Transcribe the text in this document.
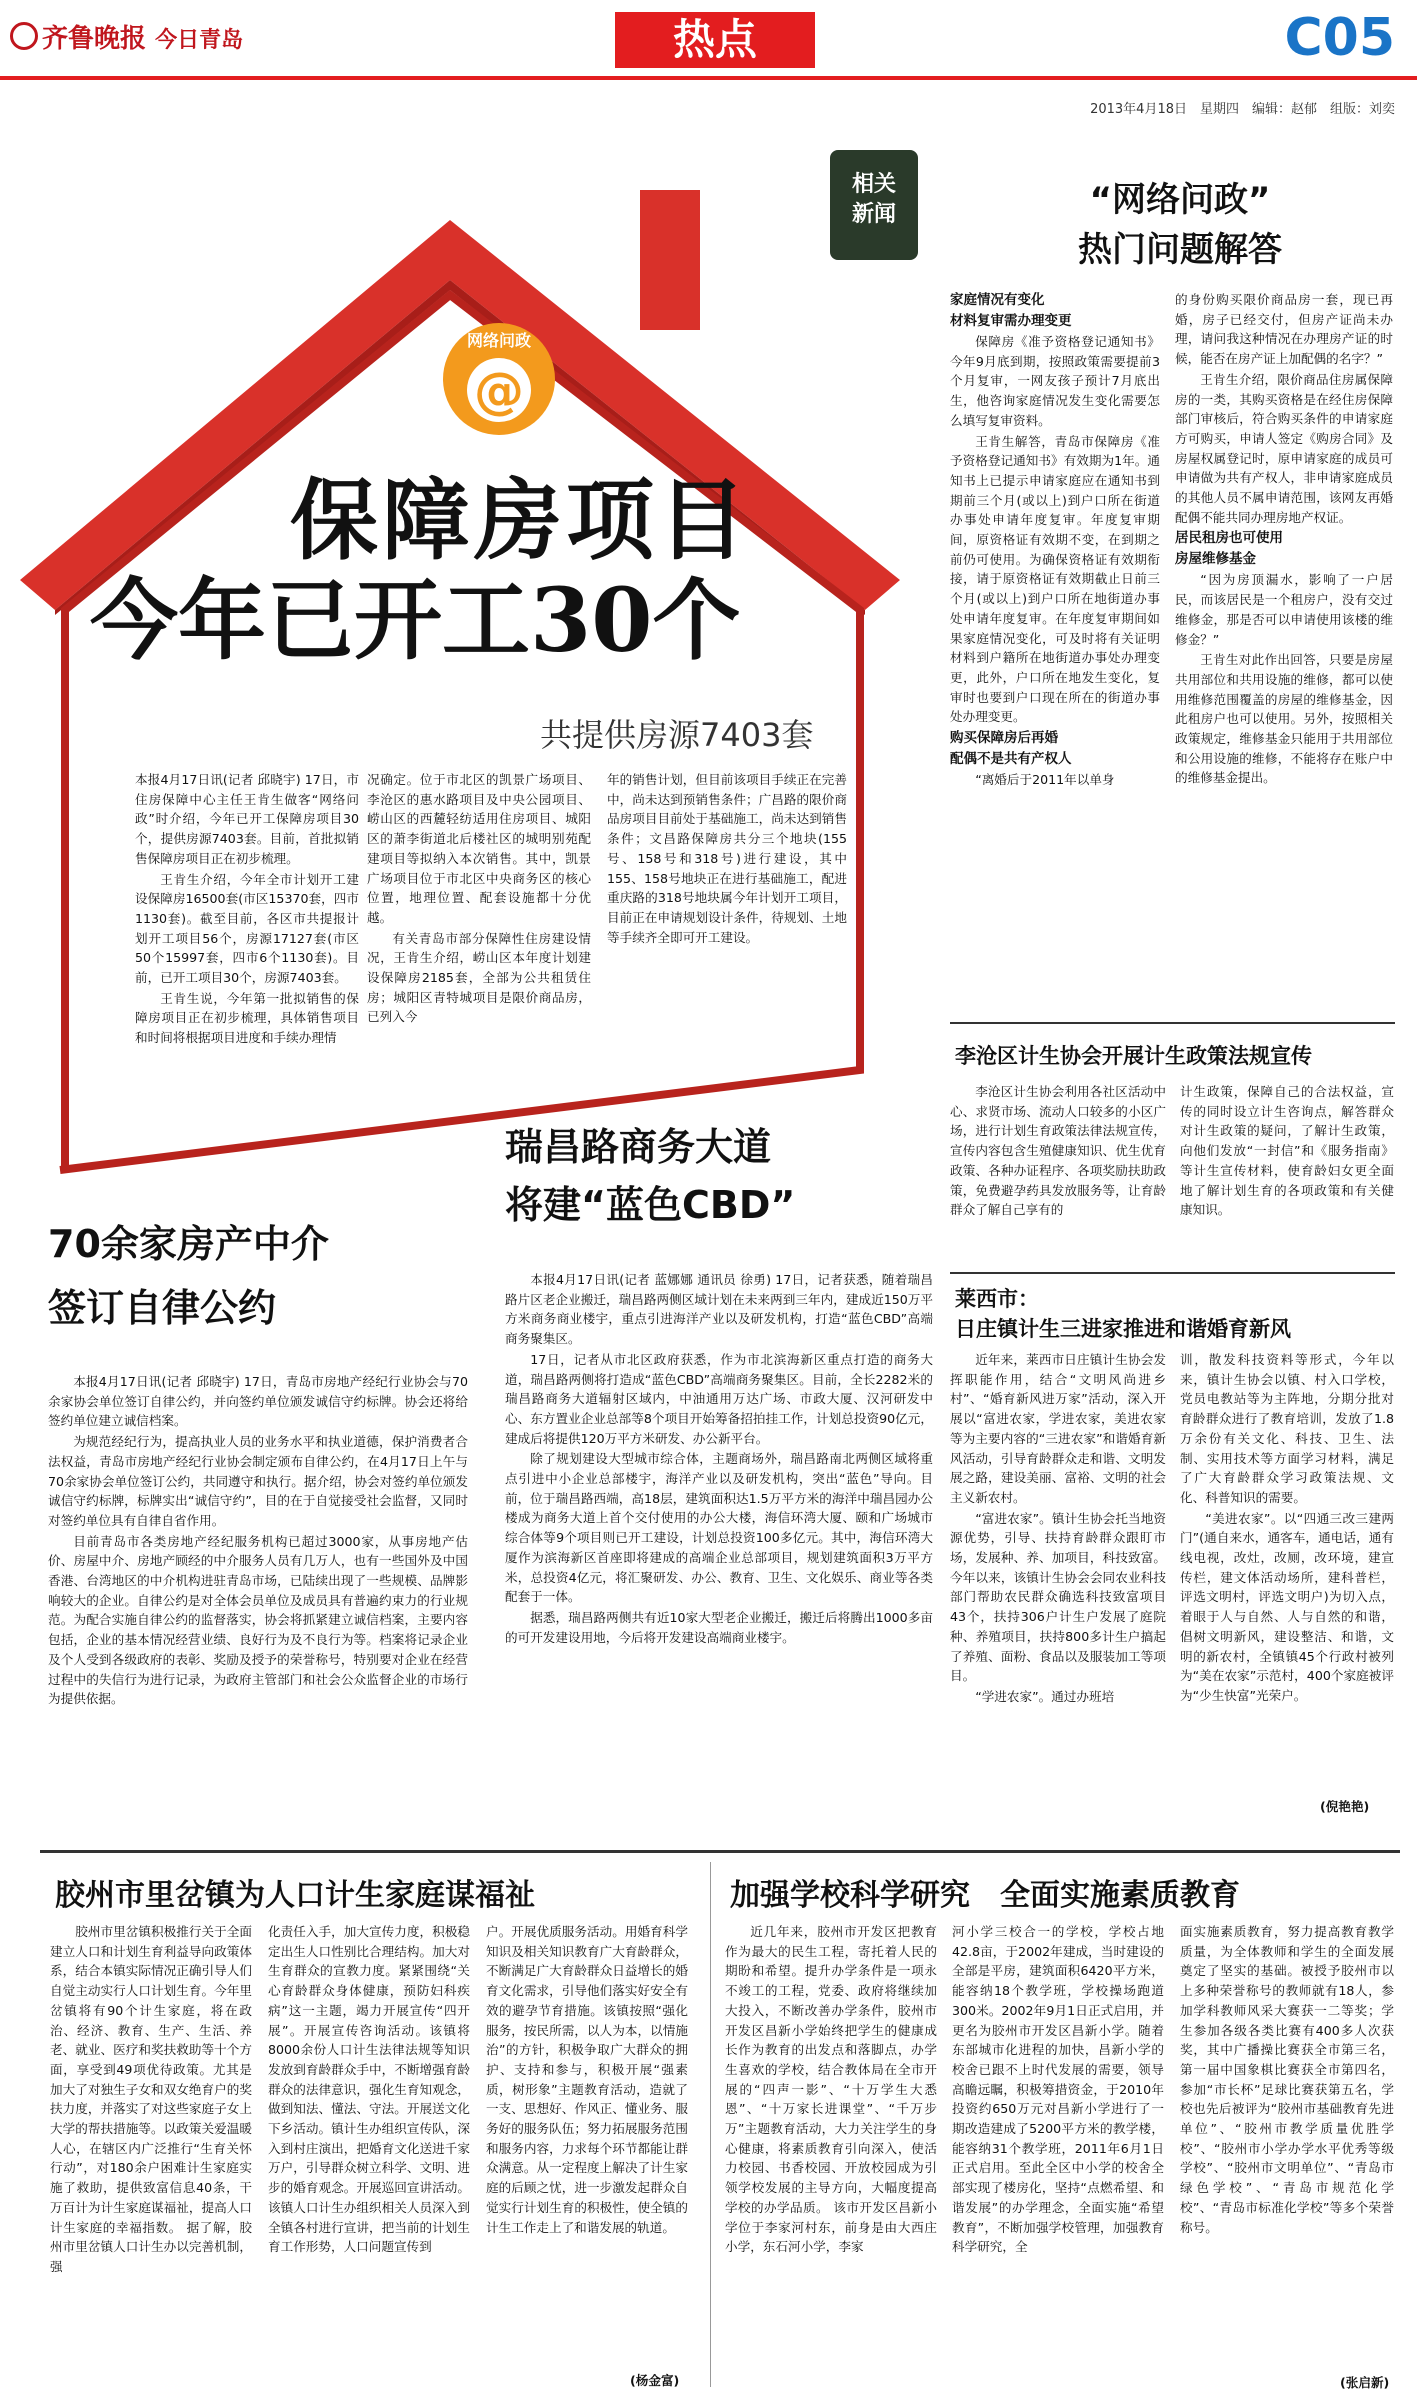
齐鲁晚报 今日青岛	热点	C05
2013年4月18日　星期四　编辑：赵郁　组版：刘奕
@
网络问政
保障房项目
今年已开工30个
共提供房源7403套

本报4月17日讯(记者 邱晓宇) 17日，市住房保障中心主任王肯生做客“网络问政”时介绍，今年已开工保障房项目30个，提供房源7403套。目前，首批拟销售保障房项目正在初步梳理。

王肯生介绍，今年全市计划开工建设保障房16500套(市区15370套，四市1130套)。截至目前，各区市共提报计划开工项目56个，房源17127套(市区50个15997套，四市6个1130套)。目前，已开工项目30个，房源7403套。

王肯生说，今年第一批拟销售的保障房项目正在初步梳理，具体销售项目和时间将根据项目进度和手续办理情

况确定。位于市北区的凯景广场项目、李沧区的惠水路项目及中央公园项目、崂山区的西麓轻纺适用住房项目、城阳区的萧李街道北后楼社区的城明别苑配建项目等拟纳入本次销售。其中，凯景广场项目位于市北区中央商务区的核心位置，地理位置、配套设施都十分优越。

有关青岛市部分保障性住房建设情况，王肯生介绍，崂山区本年度计划建设保障房2185套，全部为公共租赁住房；城阳区青特城项目是限价商品房，已列入今

年的销售计划，但目前该项目手续正在完善中，尚未达到预销售条件；广昌路的限价商品房项目目前处于基础施工，尚未达到销售条件；文昌路保障房共分三个地块(155号、158号和318号)进行建设，其中155、158号地块正在进行基础施工，配进重庆路的318号地块属今年计划开工项目，目前正在申请规划设计条件，待规划、土地等手续齐全即可开工建设。

相关
新闻	“网络问政”
热门问题解答

家庭情况有变化

材料复审需办理变更

保障房《准予资格登记通知书》今年9月底到期，按照政策需要提前3个月复审，一网友孩子预计7月底出生，他咨询家庭情况发生变化需要怎么填写复审资料。

王肯生解答，青岛市保障房《准予资格登记通知书》有效期为1年。通知书上已提示申请家庭应在通知书到期前三个月(或以上)到户口所在街道办事处申请年度复审。年度复审期间，原资格证有效期不变，在到期之前仍可使用。为确保资格证有效期衔接，请于原资格证有效期截止日前三个月(或以上)到户口所在地街道办事处申请年度复审。在年度复审期间如果家庭情况变化，可及时将有关证明材料到户籍所在地街道办事处办理变更，此外，户口所在地发生变化，复审时也要到户口现在所在的街道办事处办理变更。

购买保障房后再婚

配偶不是共有产权人

“离婚后于2011年以单身

的身份购买限价商品房一套，现已再婚，房子已经交付，但房产证尚未办理，请问我这种情况在办理房产证的时候，能否在房产证上加配偶的名字？”

王肯生介绍，限价商品住房属保障房的一类，其购买资格是在经住房保障部门审核后，符合购买条件的申请家庭方可购买，申请人签定《购房合同》及房屋权属登记时，原申请家庭的成员可申请做为共有产权人，非申请家庭成员的其他人员不属申请范围，该网友再婚配偶不能共同办理房地产权证。

居民租房也可使用

房屋维修基金

“因为房顶漏水，影响了一户居民，而该居民是一个租房户，没有交过维修金，那是否可以申请使用该楼的维修金？”

王肯生对此作出回答，只要是房屋共用部位和共用设施的维修，都可以使用维修范围覆盖的房屋的维修基金，因此租房户也可以使用。另外，按照相关政策规定，维修基金只能用于共用部位和公用设施的维修，不能将存在账户中的维修基金提出。

李沧区计生协会开展计生政策法规宣传

李沧区计生协会利用各社区活动中心、求贤市场、流动人口较多的小区广场，进行计划生育政策法律法规宣传，宣传内容包含生殖健康知识、优生优育政策、各种办证程序、各项奖励扶助政策，免费避孕药具发放服务等，让育龄群众了解自己享有的

计生政策，保障自己的合法权益，宣传的同时设立计生咨询点，解答群众对计生政策的疑问，了解计生政策，向他们发放“一封信”和《服务指南》等计生宣传材料，使育龄妇女更全面地了解计划生育的各项政策和有关健康知识。

莱西市：
日庄镇计生三进家推进和谐婚育新风

近年来，莱西市日庄镇计生协会发挥职能作用，结合“文明风尚进乡村”、“婚育新风进万家”活动，深入开展以“富进农家，学进农家，美进农家等为主要内容的“三进农家”和谐婚育新风活动，引导育龄群众走和谐、文明发展之路，建设美丽、富裕、文明的社会主义新农村。

“富进农家”。镇计生协会托当地资源优势，引导、扶持育龄群众跟盯市场，发展种、养、加项目，科技致富。今年以来，该镇计生协会会同农业科技部门帮助农民群众确选科技致富项目43个，扶持306户计生户发展了庭院种、养殖项目，扶持800多计生户搞起了养殖、面粉、食品以及服装加工等项目。

“学进农家”。通过办班培

训，散发科技资料等形式，今年以来，镇计生协会以镇、村入口学校，党员电教站等为主阵地，分期分批对育龄群众进行了教育培训，发放了1.8万余份有关文化、科技、卫生、法制、实用技术等方面学习材料，满足了广大育龄群众学习政策法规、文化、科普知识的需要。

“美进农家”。以“四通三改三建两门”(通自来水，通客车，通电话，通有线电视，改灶，改厕，改环境，建宣传栏，建文体活动场所，建科普栏，评选文明村，评选文明户)为切入点，着眼于人与自然、人与自然的和谐，倡树文明新风，建设整洁、和谐，文明的新农村，全镇镇45个行政村被列为“美在农家”示范村，400个家庭被评为“少生快富”光荣户。

(倪艳艳)
瑞昌路商务大道
将建“蓝色CBD”

本报4月17日讯(记者 蓝娜娜 通讯员 徐勇) 17日，记者获悉，随着瑞昌路片区老企业搬迁，瑞昌路两侧区域计划在未来两到三年内，建成近150万平方米商务商业楼宇，重点引进海洋产业以及研发机构，打造“蓝色CBD”高端商务聚集区。

17日，记者从市北区政府获悉，作为市北滨海新区重点打造的商务大道，瑞昌路两侧将打造成“蓝色CBD”高端商务聚集区。目前，全长2282米的瑞昌路商务大道辐射区域内，中油通用万达广场、市政大厦、汉河研发中心、东方置业企业总部等8个项目开始筹备招拍挂工作，计划总投资90亿元，建成后将提供120万平方米研发、办公新平台。

除了规划建设大型城市综合体，主题商场外，瑞昌路南北两侧区域将重点引进中小企业总部楼宇，海洋产业以及研发机构，突出“蓝色”导向。目前，位于瑞昌路西端，高18层，建筑面积达1.5万平方米的海洋中瑞昌园办公楼成为商务大道上首个交付使用的办公大楼，海信环湾大厦、颐和广场城市综合体等9个项目则已开工建设，计划总投资100多亿元。其中，海信环湾大厦作为滨海新区首座即将建成的高端企业总部项目，规划建筑面积3万平方米，总投资4亿元，将汇聚研发、办公、教育、卫生、文化娱乐、商业等各类配套于一体。

据悉，瑞昌路两侧共有近10家大型老企业搬迁，搬迁后将腾出1000多亩的可开发建设用地，今后将开发建设高端商业楼宇。

70余家房产中介
签订自律公约

本报4月17日讯(记者 邱晓宇) 17日，青岛市房地产经纪行业协会与70余家协会单位签订自律公约，并向签约单位颁发诚信守约标牌。协会还将给签约单位建立诚信档案。

为规范经纪行为，提高执业人员的业务水平和执业道德，保护消费者合法权益，青岛市房地产经纪行业协会制定颁布自律公约，在4月17日上午与70余家协会单位签订公约，共同遵守和执行。据介绍，协会对签约单位颁发诚信守约标牌，标牌实出“诚信守约”，目的在于自觉接受社会监督，又同时对签约单位具有自律自省作用。

目前青岛市各类房地产经纪服务机构已超过3000家，从事房地产估价、房屋中介、房地产顾经的中介服务人员有几万人，也有一些国外及中国香港、台湾地区的中介机构进驻青岛市场，已陆续出现了一些规模、品牌影响较大的企业。自律公约是对全体会员单位及成员具有普遍约束力的行业规范。为配合实施自律公约的监督落实，协会将抓紧建立诚信档案，主要内容包括，企业的基本情况经营业绩、良好行为及不良行为等。档案将记录企业及个人受到各级政府的表彰、奖励及授予的荣誉称号，特别要对企业在经营过程中的失信行为进行记录，为政府主管部门和社会公众监督企业的市场行为提供依据。

胶州市里岔镇为人口计生家庭谋福祉

胶州市里岔镇积极推行关于全面建立人口和计划生育利益导向政策体系，结合本镇实际情况正确引导人们自觉主动实行人口计划生育。今年里岔镇将有90个计生家庭，将在政治、经济、教育、生产、生活、养老、就业、医疗和奖扶救助等十个方面，享受到49项优待政策。尤其是加大了对独生子女和双女绝育户的奖扶力度，并落实了对这些家庭子女上大学的帮扶措施等。以政策关爱温暖人心，在辖区内广泛推行“生育关怀行动”，对180余户困难计生家庭实施了救助，提供致富信息40条，干万百计为计生家庭谋福祉，提高人口计生家庭的幸福指数。 据了解，胶州市里岔镇人口计生办以完善机制，强

化责任入手，加大宣传力度，积极稳定出生人口性别比合理结构。加大对生育群众的宣教力度。紧紧围绕“关心育龄群众身体健康，预防妇科疾病”这一主题，竭力开展宣传“四开展”。开展宣传咨询活动。该镇将8000余份人口计生法律法规等知识发放到育龄群众手中，不断增强育龄群众的法律意识，强化生育知观念，做到知法、懂法、守法。开展送文化下乡活动。镇计生办组织宣传队，深入到村庄演出，把婚育文化送进千家万户，引导群众树立科学、文明、进步的婚育观念。开展巡回宣讲活动。该镇人口计生办组织相关人员深入到全镇各村进行宣讲，把当前的计划生育工作形势，人口问题宣传到

户。开展优质服务活动。用婚育科学知识及相关知识教育广大育龄群众，不断满足广大育龄群众日益增长的婚育文化需求，引导他们落实好安全有效的避孕节育措施。该镇按照“强化服务，按民所需，以人为本，以情施治”的方针，积极争取广大群众的拥护、支持和参与，积极开展“强素质，树形象”主题教育活动，造就了一支、思想好、作风正、懂业务、服务好的服务队伍；努力拓展服务范围和服务内容，力求每个环节都能让群众满意。从一定程度上解决了计生家庭的后顾之忧，进一步激发起群众自觉实行计划生育的积极性，使全镇的计生工作走上了和谐发展的轨道。

(杨金富)
加强学校科学研究　全面实施素质教育

近几年来，胶州市开发区把教育作为最大的民生工程，寄托着人民的期盼和希望。提升办学条件是一项永不竣工的工程，党委、政府将继续加大投入，不断改善办学条件，胶州市开发区昌新小学始终把学生的健康成长作为教育的出发点和落脚点，办学生喜欢的学校，结合教体局在全市开展的“四声一影”、“十万学生大悉恩”、“十万家长进课堂”、“千万步万”主题教育活动，大力关注学生的身心健康，将素质教育引向深入，使活力校园、书香校园、开放校园成为引领学校发展的主导方向，大幅度提高学校的办学品质。 该市开发区昌新小学位于李家河村东，前身是由大西庄小学，东石河小学，李家

河小学三校合一的学校，学校占地42.8亩，于2002年建成，当时建设的全部是平房，建筑面积6420平方米，能容纳18个教学班，学校操场跑道300米。2002年9月1日正式启用，并更名为胶州市开发区昌新小学。随着东部城市化进程的加快，昌新小学的校舍已跟不上时代发展的需要，领导高瞻远瞩，积极筹措资金，于2010年投资约650万元对昌新小学进行了一期改造建成了5200平方米的教学楼，能容纳31个教学班，2011年6月1日正式启用。至此全区中小学的校舍全部实现了楼房化，坚持“点燃希望、和谐发展”的办学理念，全面实施“希望教育”，不断加强学校管理，加强教育科学研究，全

面实施素质教育，努力提高教育教学质量，为全体教师和学生的全面发展奠定了坚实的基础。被授予胶州市以上多种荣誉称号的教师就有18人，参加学科教师风采大赛获一二等奖；学生参加各级各类比赛有400多人次获奖，其中广播操比赛获全市第三名，第一届中国象棋比赛获全市第四名，参加“市长杯”足球比赛获第五名，学校也先后被评为“胶州市基础教育先进单位”、“胶州市教学质量优胜学校”、“胶州市小学办学水平优秀等级学校”、“胶州市文明单位”、“青岛市绿色学校”、“青岛市规范化学校”、“青岛市标准化学校”等多个荣誉称号。

(张启新)
